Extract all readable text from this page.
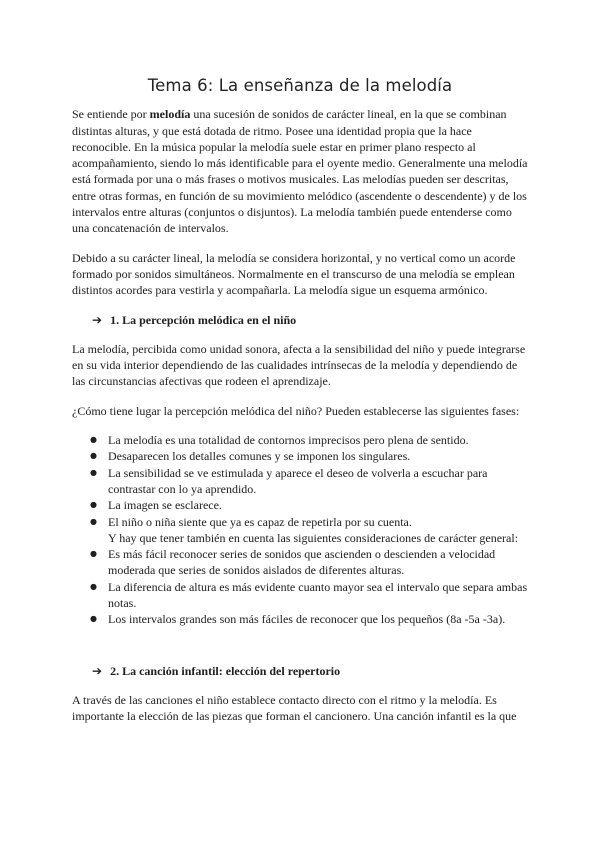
Tema 6: La enseñanza de la melodía

Se entiende por melodía una sucesión de sonidos de carácter lineal, en la que se combinan distintas alturas, y que está dotada de ritmo. Posee una identidad propia que la hace reconocible. En la música popular la melodía suele estar en primer plano respecto al acompañamiento, siendo lo más identificable para el oyente medio. Generalmente una melodía está formada por una o más frases o motivos musicales. Las melodías pueden ser descritas, entre otras formas, en función de su movimiento melódico (ascendente o descendente) y de los intervalos entre alturas (conjuntos o disjuntos). La melodía también puede entenderse como una concatenación de intervalos.

Debido a su carácter lineal, la melodía se considera horizontal, y no vertical como un acorde formado por sonidos simultáneos. Normalmente en el transcurso de una melodía se emplean distintos acordes para vestirla y acompañarla. La melodía sigue un esquema armónico.

➔ 1. La percepción melódica en el niño

La melodía, percibida como unidad sonora, afecta a la sensibilidad del niño y puede integrarse en su vida interior dependiendo de las cualidades intrínsecas de la melodía y dependiendo de las circunstancias afectivas que rodeen el aprendizaje.

¿Cómo tiene lugar la percepción melódica del niño? Pueden establecerse las siguientes fases:

● La melodía es una totalidad de contornos imprecisos pero plena de sentido.
● Desaparecen los detalles comunes y se imponen los singulares.
● La sensibilidad se ve estimulada y aparece el deseo de volverla a escuchar para contrastar con lo ya aprendido.
● La imagen se esclarece.
● El niño o niña siente que ya es capaz de repetirla por su cuenta.
Y hay que tener también en cuenta las siguientes consideraciones de carácter general:
● Es más fácil reconocer series de sonidos que ascienden o descienden a velocidad moderada que series de sonidos aislados de diferentes alturas.
● La diferencia de altura es más evidente cuanto mayor sea el intervalo que separa ambas notas.
● Los intervalos grandes son más fáciles de reconocer que los pequeños (8a -5a -3a).
➔ 2. La canción infantil: elección del repertorio

A través de las canciones el niño establece contacto directo con el ritmo y la melodía. Es importante la elección de las piezas que forman el cancionero. Una canción infantil es la que
